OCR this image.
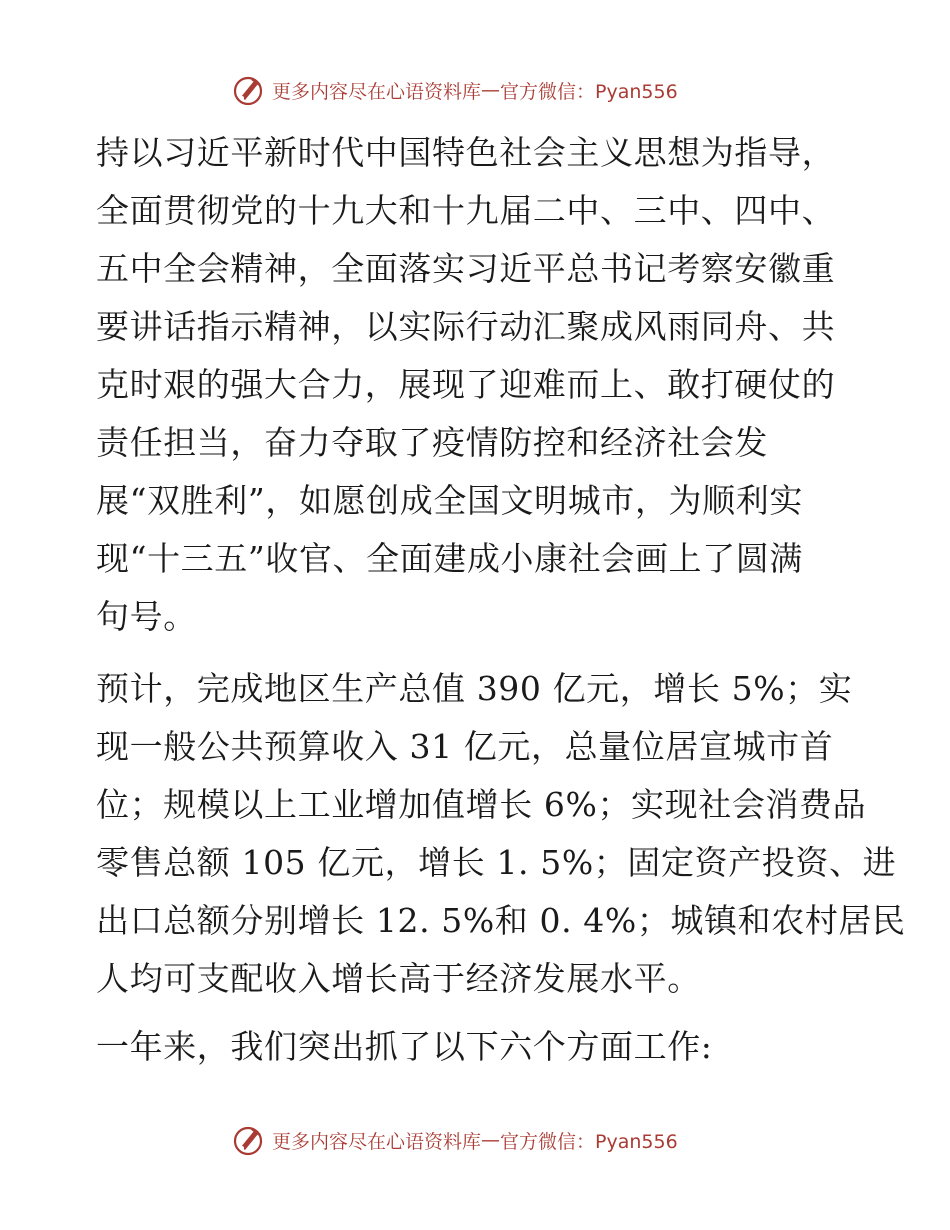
更多内容尽在心语资料库 — 官方微信：Pyan556
持以习近平新时代中国特色社会主义思想为指导，
全面贯彻党的十九大和十九届二中、三中、四中、
五中全会精神，全面落实习近平总书记考察安徽重
要讲话指示精神，以实际行动汇聚成风雨同舟、共
克时艰的强大合力，展现了迎难而上、敢打硬仗的
责任担当，奋力夺取了疫情防控和经济社会发
展“双胜利”，如愿创成全国文明城市，为顺利实
现“十三五”收官、全面建成小康社会画上了圆满
句号。
预计，完成地区生产总值 390 亿元，增长 5%；实
现一般公共预算收入 31 亿元，总量位居宣城市首
位；规模以上工业增加值增长 6%；实现社会消费品
零售总额 105 亿元，增长 1. 5%；固定资产投资、进
出口总额分别增长 12. 5%和 0. 4%；城镇和农村居民
人均可支配收入增长高于经济发展水平。
一年来，我们突出抓了以下六个方面工作:
更多内容尽在心语资料库 — 官方微信：Pyan556
